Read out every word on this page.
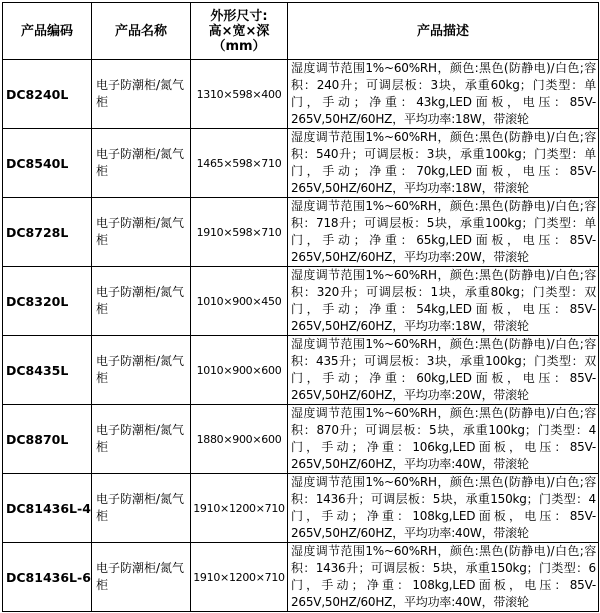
产品编码	产品名称	外形尺寸:
高×宽×深
（mm）	产品描述
DC8240L	电子防潮柜/氮气柜	1310×598×400	湿度调节范围1%~60%RH，颜色:黑色(防静电)/白色;容积：240升；可调层板：3块，承重60kg；门类型：单门，手动；净重：43kg,LED面板，电压：85V-265V,50HZ/60HZ，平均功率:18W，带滚轮
DC8540L	电子防潮柜/氮气柜	1465×598×710	湿度调节范围1%~60%RH，颜色:黑色(防静电)/白色;容积：540升；可调层板：3块，承重100kg；门类型：单门，手动；净重：70kg,LED面板，电压：85V-265V,50HZ/60HZ，平均功率:18W，带滚轮
DC8728L	电子防潮柜/氮气柜	1910×598×710	湿度调节范围1%~60%RH，颜色:黑色(防静电)/白色;容积：718升；可调层板：5块，承重100kg；门类型：单门，手动；净重：65kg,LED面板，电压：85V-265V,50HZ/60HZ，平均功率:20W，带滚轮
DC8320L	电子防潮柜/氮气柜	1010×900×450	湿度调节范围1%~60%RH，颜色:黑色(防静电)/白色;容积：320升；可调层板：1块，承重80kg；门类型：双门，手动；净重：54kg,LED面板，电压：85V-265V,50HZ/60HZ，平均功率:18W，带滚轮
DC8435L	电子防潮柜/氮气柜	1010×900×600	湿度调节范围1%~60%RH，颜色:黑色(防静电)/白色;容积：435升；可调层板：3块，承重100kg；门类型：双门，手动；净重：60kg,LED面板，电压：85V-265V,50HZ/60HZ，平均功率:20W，带滚轮
DC8870L	电子防潮柜/氮气柜	1880×900×600	湿度调节范围1%~60%RH，颜色:黑色(防静电)/白色;容积：870升；可调层板：5块，承重100kg；门类型：4门，手动；净重：106kg,LED面板，电压：85V-265V,50HZ/60HZ，平均功率:40W，带滚轮
DC81436L-4	电子防潮柜/氮气柜	1910×1200×710	湿度调节范围1%~60%RH，颜色:黑色(防静电)/白色;容积：1436升；可调层板：5块，承重150kg；门类型：4门，手动；净重：108kg,LED面板，电压：85V-265V,50HZ/60HZ，平均功率:40W，带滚轮
DC81436L-6	电子防潮柜/氮气柜	1910×1200×710	湿度调节范围1%~60%RH，颜色:黑色(防静电)/白色;容积：1436升；可调层板：5块，承重150kg；门类型：6门，手动；净重：108kg,LED面板，电压：85V-265V,50HZ/60HZ，平均功率:40W，带滚轮
